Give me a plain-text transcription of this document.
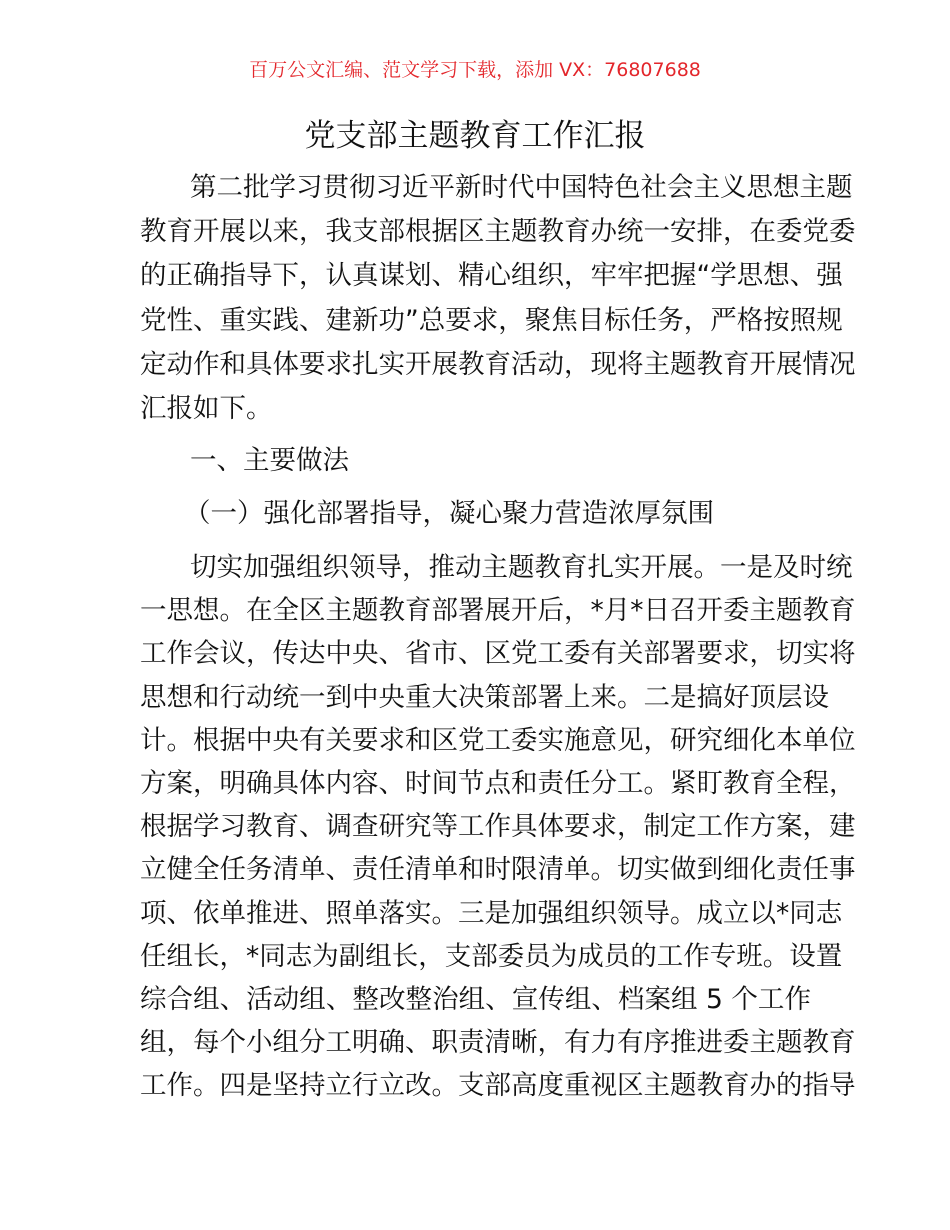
百万公文汇编、范文学习下载，添加 VX：76807688
党支部主题教育工作汇报
第二批学习贯彻习近平新时代中国特色社会主义思想主题
教育开展以来，我支部根据区主题教育办统一安排，在委党委
的正确指导下，认真谋划、精心组织，牢牢把握“学思想、强
党性、重实践、建新功”总要求，聚焦目标任务，严格按照规
定动作和具体要求扎实开展教育活动，现将主题教育开展情况
汇报如下。
一、主要做法
（一）强化部署指导，凝心聚力营造浓厚氛围
切实加强组织领导，推动主题教育扎实开展。一是及时统
一思想。在全区主题教育部署展开后，*月*日召开委主题教育
工作会议，传达中央、省市、区党工委有关部署要求，切实将
思想和行动统一到中央重大决策部署上来。二是搞好顶层设
计。根据中央有关要求和区党工委实施意见，研究细化本单位
方案，明确具体内容、时间节点和责任分工。紧盯教育全程，
根据学习教育、调查研究等工作具体要求，制定工作方案，建
立健全任务清单、责任清单和时限清单。切实做到细化责任事
项、依单推进、照单落实。三是加强组织领导。成立以*同志
任组长，*同志为副组长，支部委员为成员的工作专班。设置
综合组、活动组、整改整治组、宣传组、档案组 5 个工作
组，每个小组分工明确、职责清晰，有力有序推进委主题教育
工作。四是坚持立行立改。支部高度重视区主题教育办的指导
